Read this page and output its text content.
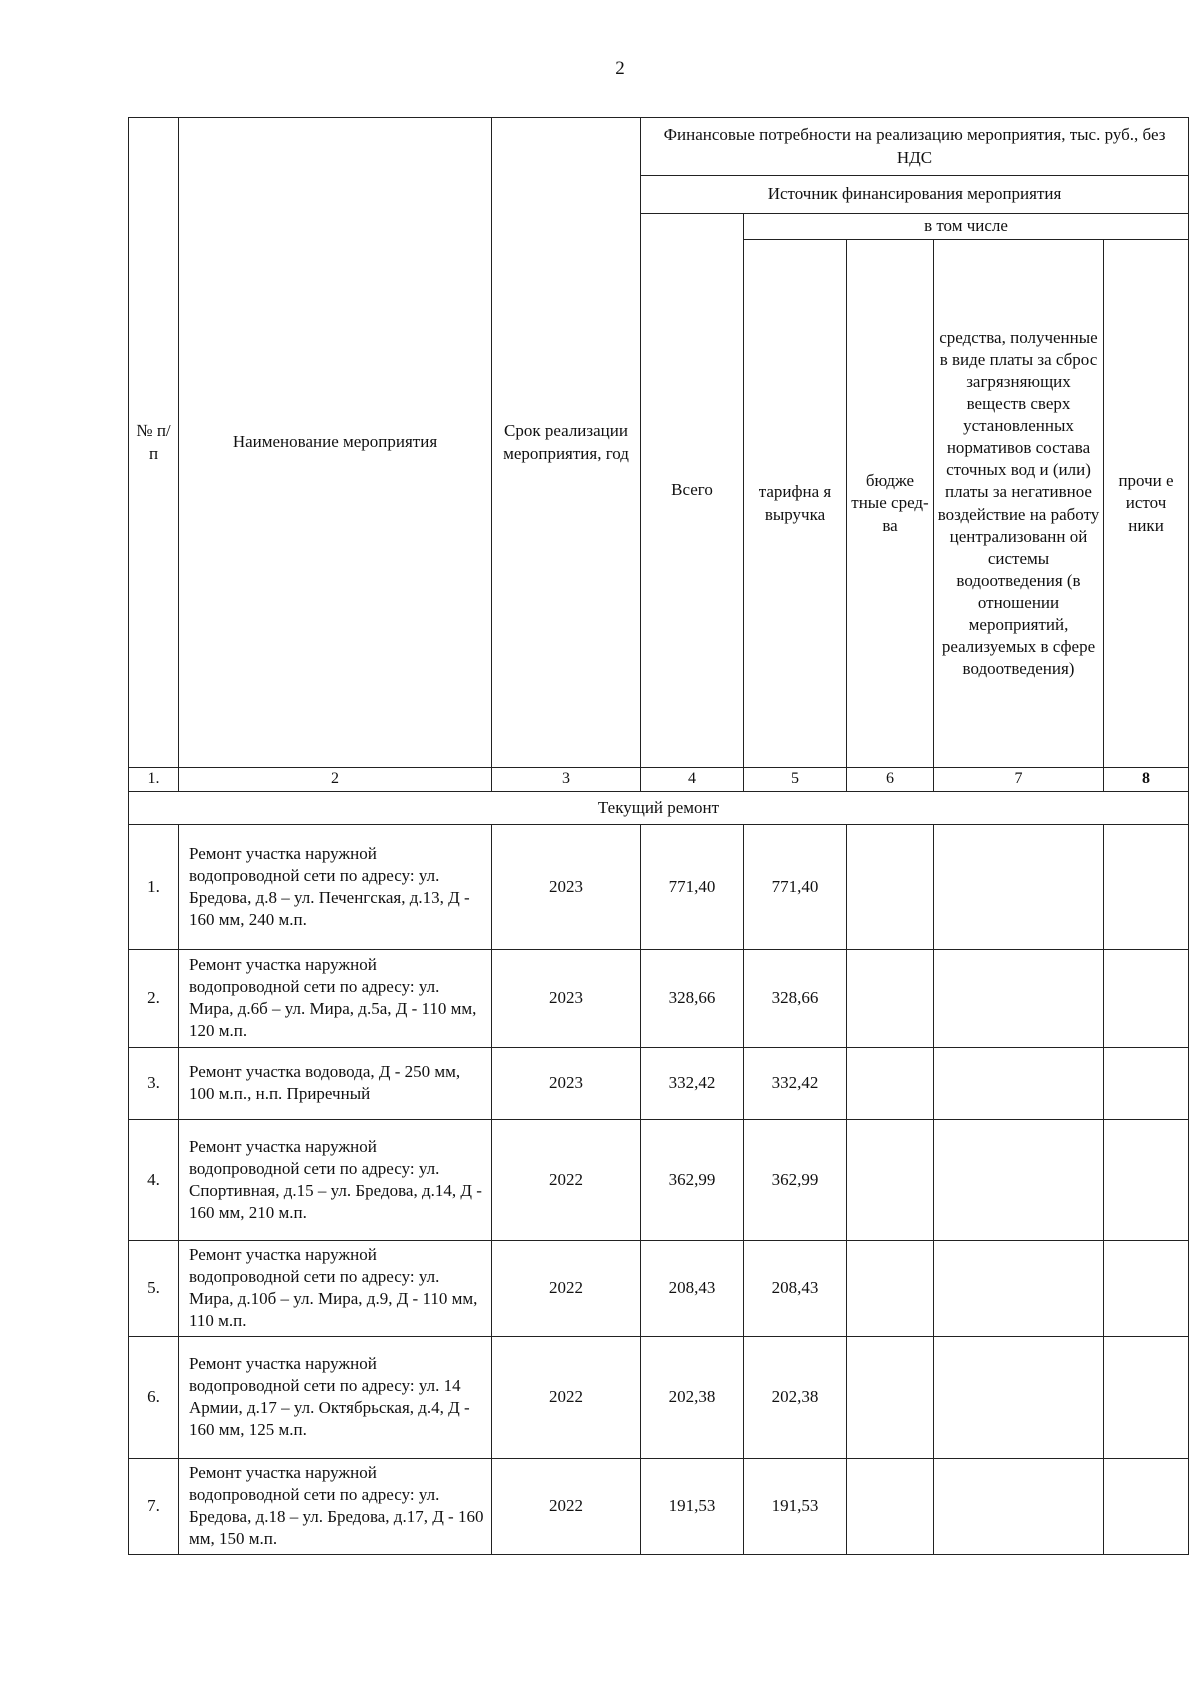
2
№ п/п	Наименование мероприятия	Срок реализации мероприятия, год	Финансовые потребности на реализацию мероприятия, тыс. руб., без НДС				
			Источник финансирования мероприятия				
			Всего	в том числе			
				тарифна я выручка	бюдже тные сред-ва	средства, полученные в виде платы за сброс загрязняющих веществ сверх установленных нормативов состава сточных вод и (или) платы за негативное воздействие на работу централизованн ой системы водоотведения (в отношении мероприятий, реализуемых в сфере водоотведения)	прочи е источ ники
1.	2	3	4	5	6	7	8
Текущий ремонт							
1.	Ремонт участка наружной водопроводной сети по адресу: ул. Бредова, д.8 – ул. Печенгская, д.13, Д - 160 мм, 240 м.п.	2023	771,40	771,40			
2.	Ремонт участка наружной водопроводной сети по адресу: ул. Мира, д.6б – ул. Мира, д.5а, Д - 110 мм, 120 м.п.	2023	328,66	328,66			
3.	Ремонт участка водовода, Д - 250 мм, 100 м.п., н.п. Приречный	2023	332,42	332,42			
4.	Ремонт участка наружной водопроводной сети по адресу: ул. Спортивная, д.15 – ул. Бредова, д.14, Д - 160 мм, 210 м.п.	2022	362,99	362,99			
5.	Ремонт участка наружной водопроводной сети по адресу: ул. Мира, д.10б – ул. Мира, д.9, Д - 110 мм, 110 м.п.	2022	208,43	208,43			
6.	Ремонт участка наружной водопроводной сети по адресу: ул. 14 Армии, д.17 – ул. Октябрьская, д.4, Д - 160 мм, 125 м.п.	2022	202,38	202,38			
7.	Ремонт участка наружной водопроводной сети по адресу: ул. Бредова, д.18 – ул. Бредова, д.17, Д - 160 мм, 150 м.п.	2022	191,53	191,53			
